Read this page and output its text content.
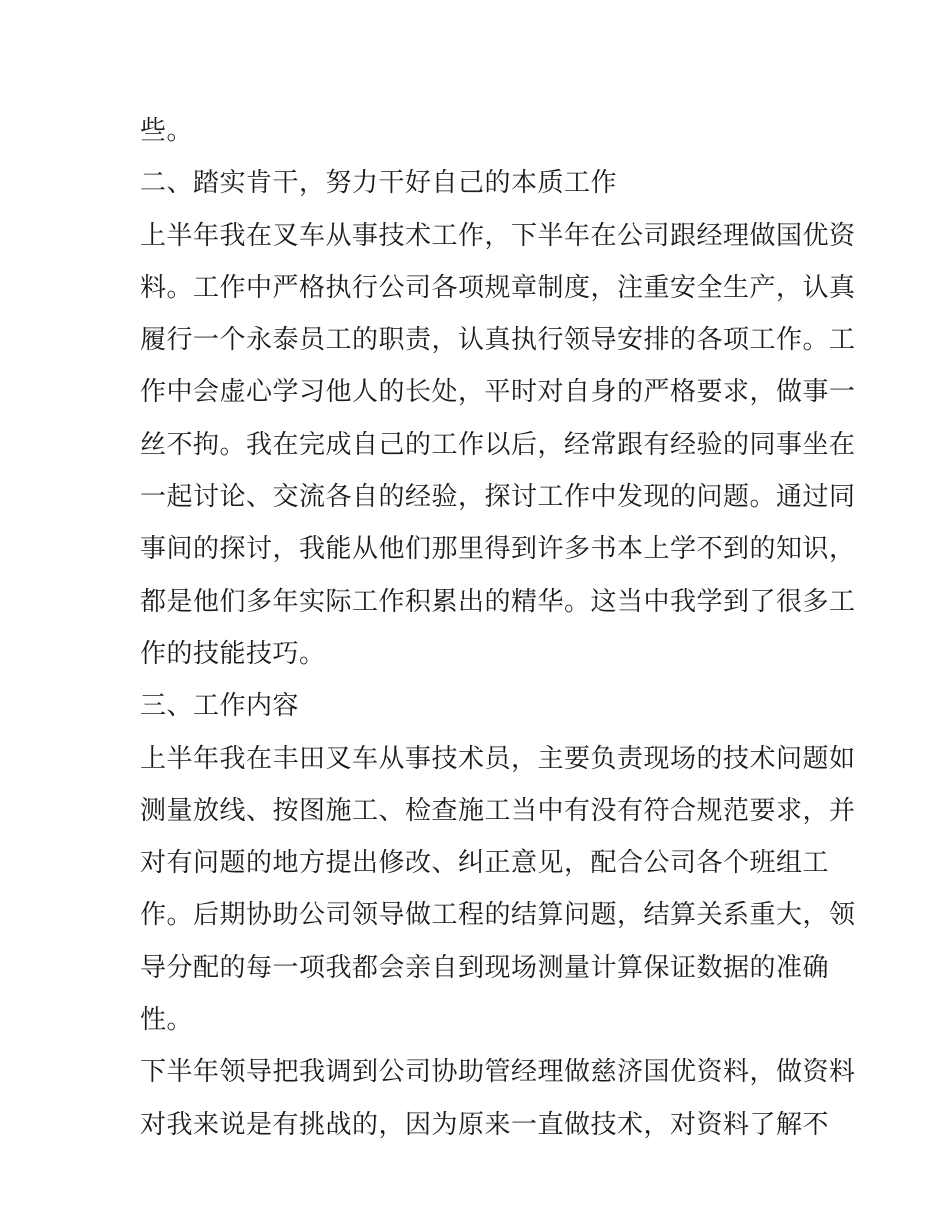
些。
二、踏实肯干，努力干好自己的本质工作
上半年我在叉车从事技术工作，下半年在公司跟经理做国优资
料。工作中严格执行公司各项规章制度，注重安全生产，认真
履行一个永泰员工的职责，认真执行领导安排的各项工作。工
作中会虚心学习他人的长处，平时对自身的严格要求，做事一
丝不拘。我在完成自己的工作以后，经常跟有经验的同事坐在
一起讨论、交流各自的经验，探讨工作中发现的问题。通过同
事间的探讨，我能从他们那里得到许多书本上学不到的知识，
都是他们多年实际工作积累出的精华。这当中我学到了很多工
作的技能技巧。
三、工作内容
上半年我在丰田叉车从事技术员，主要负责现场的技术问题如
测量放线、按图施工、检查施工当中有没有符合规范要求，并
对有问题的地方提出修改、纠正意见，配合公司各个班组工
作。后期协助公司领导做工程的结算问题，结算关系重大，领
导分配的每一项我都会亲自到现场测量计算保证数据的准确
性。
下半年领导把我调到公司协助管经理做慈济国优资料，做资料
对我来说是有挑战的，因为原来一直做技术，对资料了解不
